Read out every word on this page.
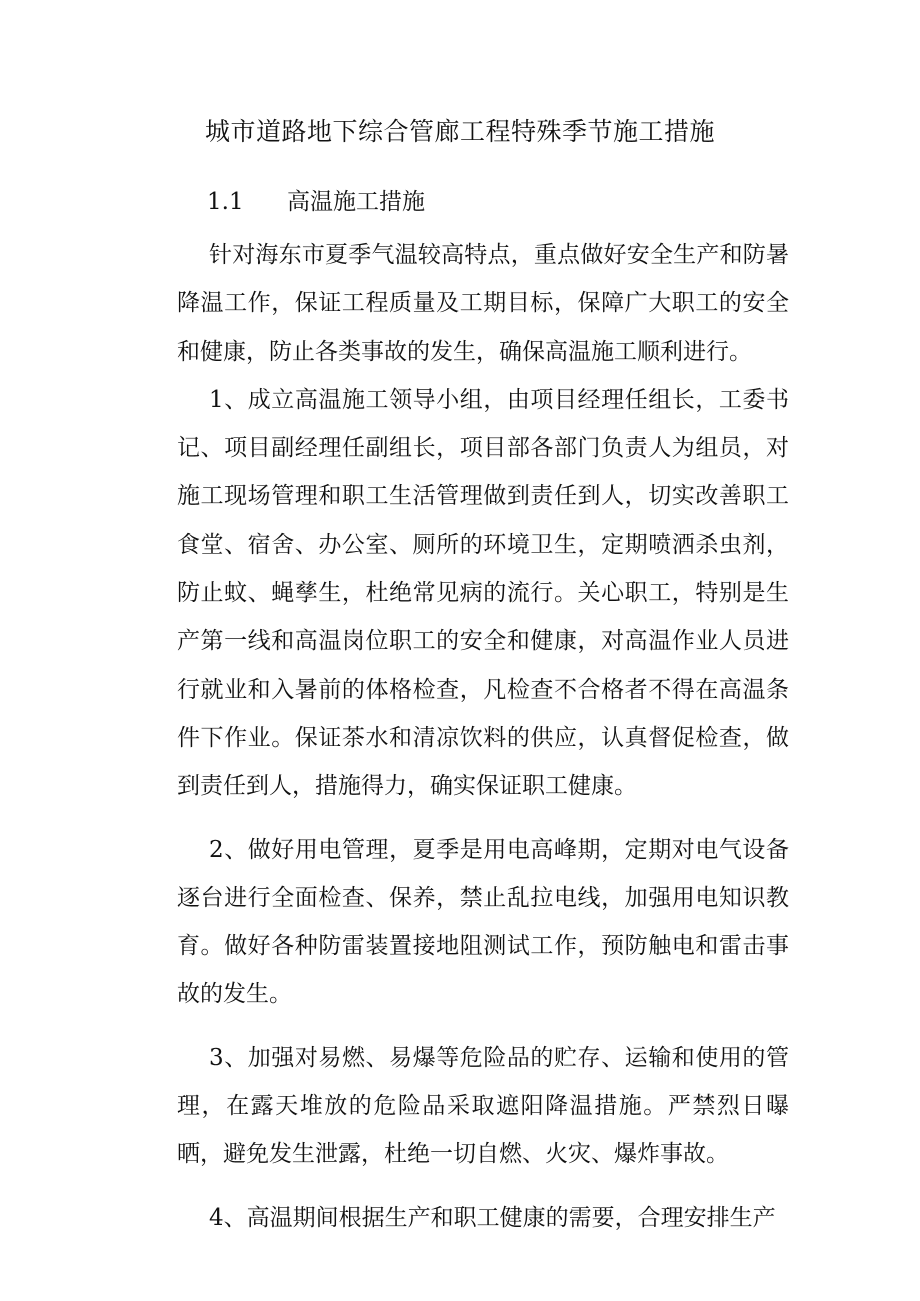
城市道路地下综合管廊工程特殊季节施工措施
1.1 高温施工措施

针对海东市夏季气温较高特点，重点做好安全生产和防暑降温工作，保证工程质量及工期目标，保障广大职工的安全和健康，防止各类事故的发生，确保高温施工顺利进行。

1、成立高温施工领导小组，由项目经理任组长，工委书记、项目副经理任副组长，项目部各部门负责人为组员，对施工现场管理和职工生活管理做到责任到人，切实改善职工食堂、宿舍、办公室、厕所的环境卫生，定期喷洒杀虫剂，防止蚊、蝇孳生，杜绝常见病的流行。关心职工，特别是生产第一线和高温岗位职工的安全和健康，对高温作业人员进行就业和入暑前的体格检查，凡检查不合格者不得在高温条件下作业。保证茶水和清凉饮料的供应，认真督促检查，做到责任到人，措施得力，确实保证职工健康。

2、做好用电管理，夏季是用电高峰期，定期对电气设备逐台进行全面检查、保养，禁止乱拉电线，加强用电知识教育。做好各种防雷装置接地阻测试工作，预防触电和雷击事故的发生。

3、加强对易燃、易爆等危险品的贮存、运输和使用的管理，在露天堆放的危险品采取遮阳降温措施。严禁烈日曝晒，避免发生泄露，杜绝一切自燃、火灾、爆炸事故。

4、高温期间根据生产和职工健康的需要，合理安排生产
